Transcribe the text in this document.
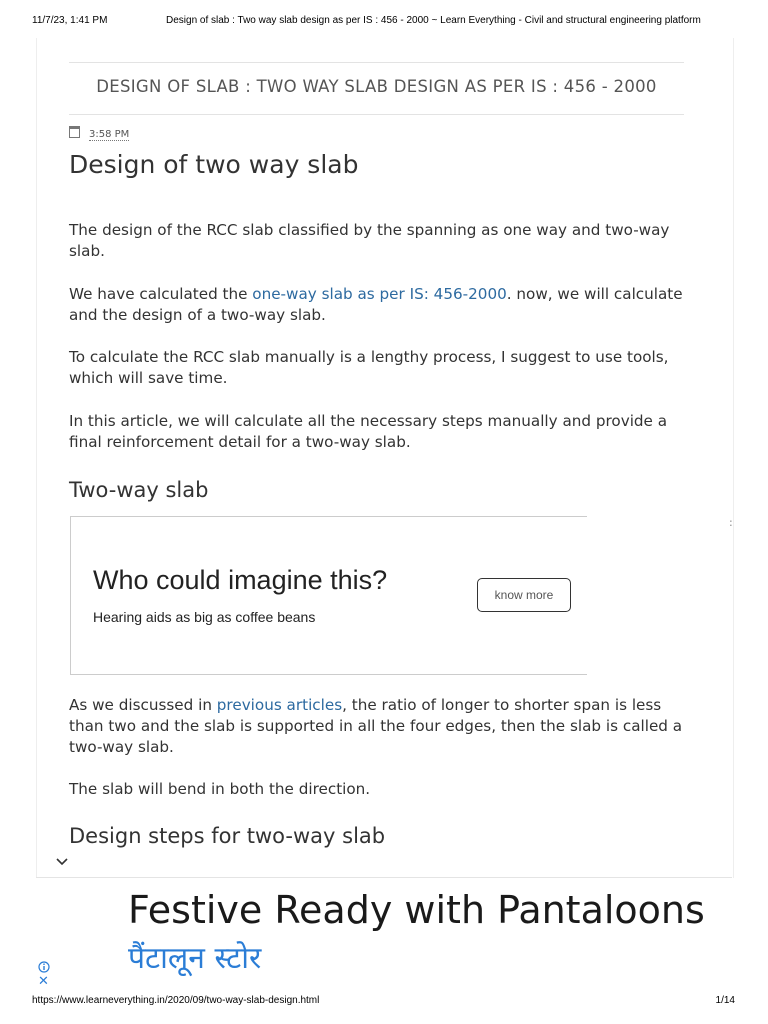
11/7/23, 1:41 PM	Design of slab : Two way slab design as per IS : 456 - 2000 ~ Learn Everything - Civil and structural engineering platform
DESIGN OF SLAB : TWO WAY SLAB DESIGN AS PER IS : 456 - 2000
3:58 PM
Design of two way slab

The design of the RCC slab classified by the spanning as one way and two-way slab.

We have calculated the one-way slab as per IS: 456-2000. now, we will calculate and the design of a two-way slab.

To calculate the RCC slab manually is a lengthy process, I suggest to use tools, which will save time.

In this article, we will calculate all the necessary steps manually and provide a final reinforcement detail for a two-way slab.

Two-way slab
Who could imagine this?
Hearing aids as big as coffee beans
know more
:

As we discussed in previous articles, the ratio of longer to shorter span is less than two and the slab is supported in all the four edges, then the slab is called a two-way slab.

The slab will bend in both the direction.

Design steps for two-way slab
Festive Ready with Pantaloons
पैंटालून स्टोर
✕
https://www.learneverything.in/2020/09/two-way-slab-design.html	1/14
